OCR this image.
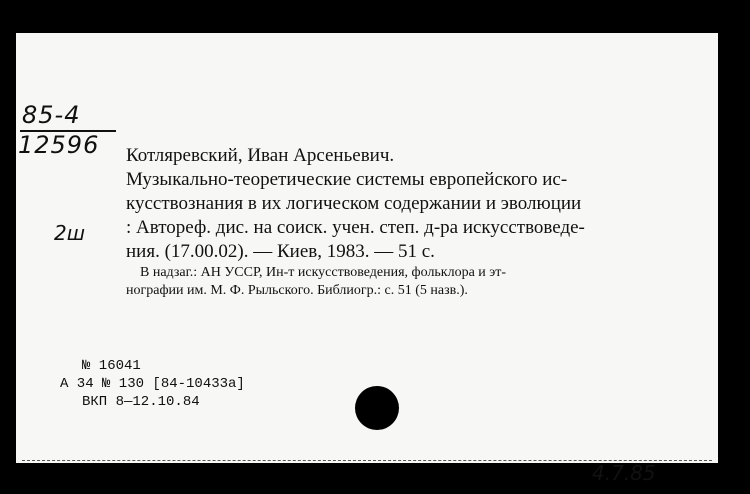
85-4
12596
2ш
Котляревский, Иван Арсеньевич.
Музыкально-теоретические системы европейского ис-
кусствознания в их логическом содержании и эволюции
: Автореф. дис. на соиск. учен. степ. д-ра искусствоведе-
ния. (17.00.02). — Киев, 1983. — 51 с.
В надзаг.: АН УССР, Ин-т искусствоведения, фольклора и эт-
нографии им. М. Ф. Рыльского. Библиогр.: с. 51 (5 назв.).
4.7.85
№ 16041
А 34 № 130 [84-10433а]
ВКП 8—12.10.84
